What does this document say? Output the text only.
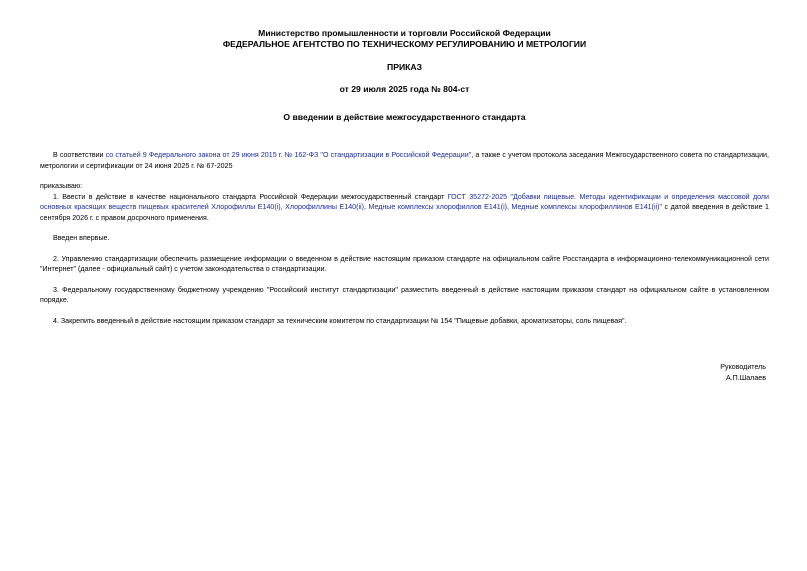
Министерство промышленности и торговли Российской Федерации
ФЕДЕРАЛЬНОЕ АГЕНТСТВО ПО ТЕХНИЧЕСКОМУ РЕГУЛИРОВАНИЮ И МЕТРОЛОГИИ
ПРИКАЗ
от 29 июля 2025 года № 804-ст
О введении в действие межгосударственного стандарта

В соответствии со статьей 9 Федерального закона от 29 июня 2015 г. № 162-ФЗ "О стандартизации в Российской Федерации", а также с учетом протокола заседания Межгосударственного совета по стандартизации, метрологии и сертификации от 24 июня 2025 г. № 67-2025

приказываю:

1. Ввести в действие в качестве национального стандарта Российской Федерации межгосударственный стандарт ГОСТ 35272-2025 "Добавки пищевые. Методы идентификации и определения массовой доли основных красящих веществ пищевых красителей Хлорофиллы Е140(i), Хлорофиллины Е140(ii), Медные комплексы хлорофиллов Е141(i), Медные комплексы хлорофиллинов Е141(ii)" с датой введения в действие 1 сентября 2026 г. с правом досрочного применения.

Введен впервые.

2. Управлению стандартизации обеспечить размещение информации о введенном в действие настоящим приказом стандарте на официальном сайте Росстандарта в информационно-телекоммуникационной сети "Интернет" (далее - официальный сайт) с учетом законодательства о стандартизации.

3. Федеральному государственному бюджетному учреждению "Российский институт стандартизации" разместить введенный в действие настоящим приказом стандарт на официальном сайте в установленном порядке.

4. Закрепить введенный в действие настоящим приказом стандарт за техническим комитетом по стандартизации № 154 "Пищевые добавки, ароматизаторы, соль пищевая".

Руководитель
А.П.Шалаев
